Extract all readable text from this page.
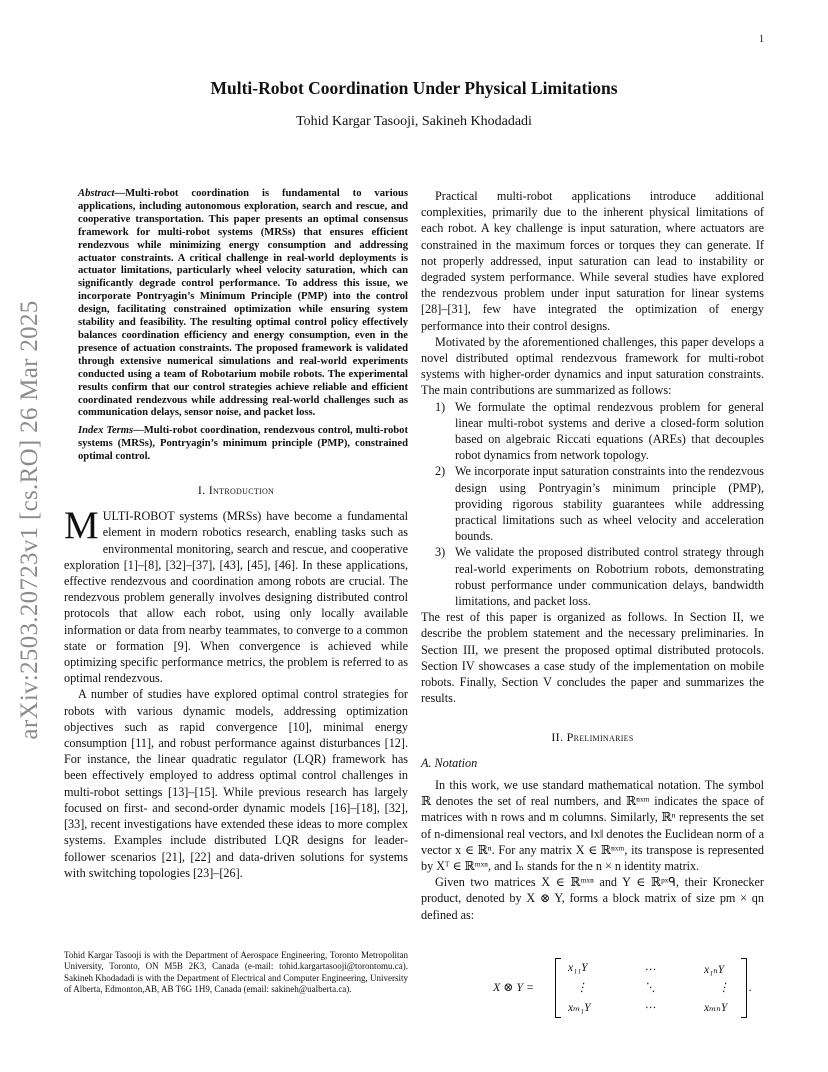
1
arXiv:2503.20723v1 [cs.RO] 26 Mar 2025
Multi-Robot Coordination Under Physical Limitations
Tohid Kargar Tasooji, Sakineh Khodadadi

Abstract—Multi-robot coordination is fundamental to various applications, including autonomous exploration, search and rescue, and cooperative transportation. This paper presents an optimal consensus framework for multi-robot systems (MRSs) that ensures efficient rendezvous while minimizing energy consumption and addressing actuator constraints. A critical challenge in real-world deployments is actuator limitations, particularly wheel velocity saturation, which can significantly degrade control performance. To address this issue, we incorporate Pontryagin’s Minimum Principle (PMP) into the control design, facilitating constrained optimization while ensuring system stability and feasibility. The resulting optimal control policy effectively balances coordination efficiency and energy consumption, even in the presence of actuation constraints. The proposed framework is validated through extensive numerical simulations and real-world experiments conducted using a team of Robotarium mobile robots. The experimental results confirm that our control strategies achieve reliable and efficient coordinated rendezvous while addressing real-world challenges such as communication delays, sensor noise, and packet loss.

Index Terms—Multi-robot coordination, rendezvous control, multi-robot systems (MRSs), Pontryagin’s minimum principle (PMP), constrained optimal control.

I. Introduction

MULTI-ROBOT systems (MRSs) have become a fundamental element in modern robotics research, enabling tasks such as environmental monitoring, search and rescue, and cooperative exploration [1]–[8], [32]–[37], [43], [45], [46]. In these applications, effective rendezvous and coordination among robots are crucial. The rendezvous problem generally involves designing distributed control protocols that allow each robot, using only locally available information or data from nearby teammates, to converge to a common state or formation [9]. When convergence is achieved while optimizing specific performance metrics, the problem is referred to as optimal rendezvous.

A number of studies have explored optimal control strategies for robots with various dynamic models, addressing optimization objectives such as rapid convergence [10], minimal energy consumption [11], and robust performance against disturbances [12]. For instance, the linear quadratic regulator (LQR) framework has been effectively employed to address optimal control challenges in multi-robot settings [13]–[15]. While previous research has largely focused on first- and second-order dynamic models [16]–[18], [32], [33], recent investigations have extended these ideas to more complex systems. Examples include distributed LQR designs for leader-follower scenarios [21], [22] and data-driven solutions for systems with switching topologies [23]–[26].

Tohid Kargar Tasooji is with the Department of Aerospace Engineering, Toronto Metropolitan University, Toronto, ON M5B 2K3, Canada (e-mail: tohid.kargartasooji@torontomu.ca). Sakineh Khodadadi is with the Department of Electrical and Computer Engineering, University of Alberta, Edmonton,AB, AB T6G 1H9, Canada (email: sakineh@ualberta.ca).

Practical multi-robot applications introduce additional complexities, primarily due to the inherent physical limitations of each robot. A key challenge is input saturation, where actuators are constrained in the maximum forces or torques they can generate. If not properly addressed, input saturation can lead to instability or degraded system performance. While several studies have explored the rendezvous problem under input saturation for linear systems [28]–[31], few have integrated the optimization of energy performance into their control designs.

Motivated by the aforementioned challenges, this paper develops a novel distributed optimal rendezvous framework for multi-robot systems with higher-order dynamics and input saturation constraints. The main contributions are summarized as follows:

1) We formulate the optimal rendezvous problem for general linear multi-robot systems and derive a closed-form solution based on algebraic Riccati equations (AREs) that decouples robot dynamics from network topology.
2) We incorporate input saturation constraints into the rendezvous design using Pontryagin’s minimum principle (PMP), providing rigorous stability guarantees while addressing practical limitations such as wheel velocity and acceleration bounds.
3) We validate the proposed distributed control strategy through real-world experiments on Robotrium robots, demonstrating robust performance under communication delays, bandwidth limitations, and packet loss.

The rest of this paper is organized as follows. In Section II, we describe the problem statement and the necessary preliminaries. In Section III, we present the proposed optimal distributed protocols. Section IV showcases a case study of the implementation on mobile robots. Finally, Section V concludes the paper and summarizes the results.

II. Preliminaries
A. Notation

In this work, we use standard mathematical notation. The symbol ℝ denotes the set of real numbers, and ℝⁿˣᵐ indicates the space of matrices with n rows and m columns. Similarly, ℝⁿ represents the set of n-dimensional real vectors, and ‖x‖ denotes the Euclidean norm of a vector x ∈ ℝⁿ. For any matrix X ∈ ℝⁿˣᵐ, its transpose is represented by Xᵀ ∈ ℝᵐˣⁿ, and Iₙ stands for the n × n identity matrix.

Given two matrices X ∈ ℝᵐˣⁿ and Y ∈ ℝᵖˣᑫ, their Kronecker product, denoted by X ⊗ Y, forms a block matrix of size pm × qn defined as:

X ⊗ Y =
x₁₁Y	⋯	x₁ₙY
⋮	⋱	⋮
xₘ₁Y	⋯	xₘₙY
.
